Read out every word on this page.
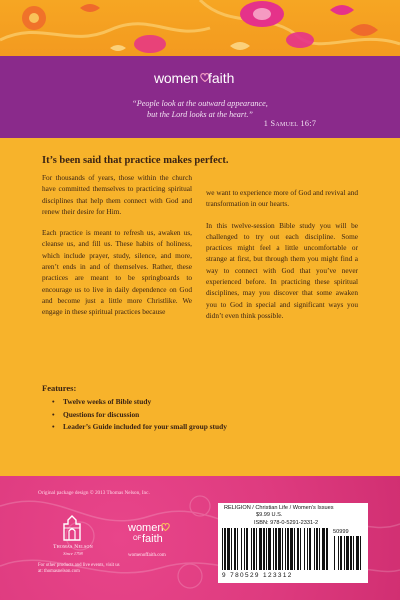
women faith
“People look at the outward appearance,
but the Lord looks at the heart.”
1 Samuel 16:7
It’s been said that practice makes perfect.

For thousands of years, those within the church have committed themselves to practicing spiritual disciplines that help them connect with God and renew their desire for Him.

Each practice is meant to refresh us, awaken us, cleanse us, and fill us. These habits of holiness, which include prayer, study, silence, and more, aren’t ends in and of themselves. Rather, these practices are meant to be springboards to encourage us to live in daily dependence on God and become just a little more Christlike. We engage in these spiritual practices because

we want to experience more of God and revival and transformation in our hearts.

In this twelve-session Bible study you will be challenged to try out each discipline. Some practices might feel a little uncomfortable or strange at first, but through them you might find a way to connect with God that you’ve never experienced before. In practicing these spiritual disciplines, may you discover that some awaken you to God in special and significant ways you didn’t even think possible.

Features:
• Twelve weeks of Bible study
• Questions for discussion
• Leader’s Guide included for your small group study
Original package design © 2013 Thomas Nelson, Inc.
Thomas Nelson
Since 1798
For other products and live events, visit us at: thomasnelson.com
women
OF faith
womenoffaith.com
RELIGION / Christian Life / Women’s Issues
$9.99 U.S.
ISBN: 978-0-5291-2331-2
50999
9 780529 123312
